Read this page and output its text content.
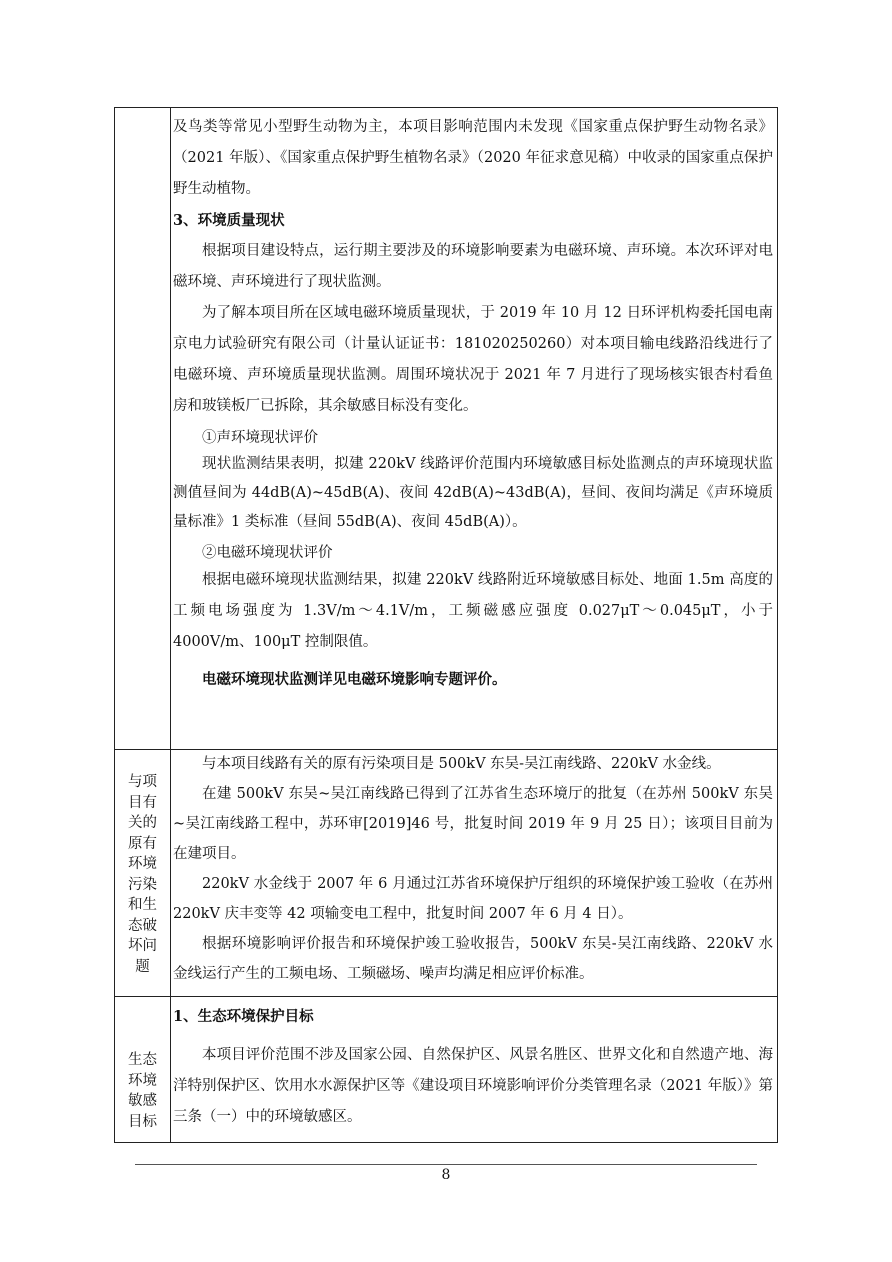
及鸟类等常见小型野生动物为主，本项目影响范围内未发现《国家重点保护野生动物名录》（2021 年版）、《国家重点保护野生植物名录》（2020 年征求意见稿）中收录的国家重点保护野生动植物。

3、环境质量现状

根据项目建设特点，运行期主要涉及的环境影响要素为电磁环境、声环境。本次环评对电磁环境、声环境进行了现状监测。

为了解本项目所在区域电磁环境质量现状，于 2019 年 10 月 12 日环评机构委托国电南京电力试验研究有限公司（计量认证证书：181020250260）对本项目输电线路沿线进行了电磁环境、声环境质量现状监测。周围环境状况于 2021 年 7 月进行了现场核实银杏村看鱼房和玻镁板厂已拆除，其余敏感目标没有变化。

①声环境现状评价

现状监测结果表明，拟建 220kV 线路评价范围内环境敏感目标处监测点的声环境现状监测值昼间为 44dB(A)~45dB(A)、夜间 42dB(A)~43dB(A)，昼间、夜间均满足《声环境质量标准》1 类标准（昼间 55dB(A)、夜间 45dB(A)）。

②电磁环境现状评价

根据电磁环境现状监测结果，拟建 220kV 线路附近环境敏感目标处、地面 1.5m 高度的工频电场强度为 1.3V/m～4.1V/m，工频磁感应强度 0.027μT～0.045μT，小于 4000V/m、100μT 控制限值。

电磁环境现状监测详见电磁环境影响专题评价。

与项
目有
关的
原有
环境
污染
和生
态破
坏问
题

与本项目线路有关的原有污染项目是 500kV 东吴-吴江南线路、220kV 水金线。

在建 500kV 东吴~吴江南线路已得到了江苏省生态环境厅的批复（在苏州 500kV 东吴~吴江南线路工程中，苏环审[2019]46 号，批复时间 2019 年 9 月 25 日）；该项目目前为在建项目。

220kV 水金线于 2007 年 6 月通过江苏省环境保护厅组织的环境保护竣工验收（在苏州 220kV 庆丰变等 42 项输变电工程中，批复时间 2007 年 6 月 4 日）。

根据环境影响评价报告和环境保护竣工验收报告，500kV 东吴-吴江南线路、220kV 水金线运行产生的工频电场、工频磁场、噪声均满足相应评价标准。

生态
环境
敏感
目标

1、生态环境保护目标

本项目评价范围不涉及国家公园、自然保护区、风景名胜区、世界文化和自然遗产地、海洋特别保护区、饮用水水源保护区等《建设项目环境影响评价分类管理名录（2021 年版）》第三条（一）中的环境敏感区。

8
